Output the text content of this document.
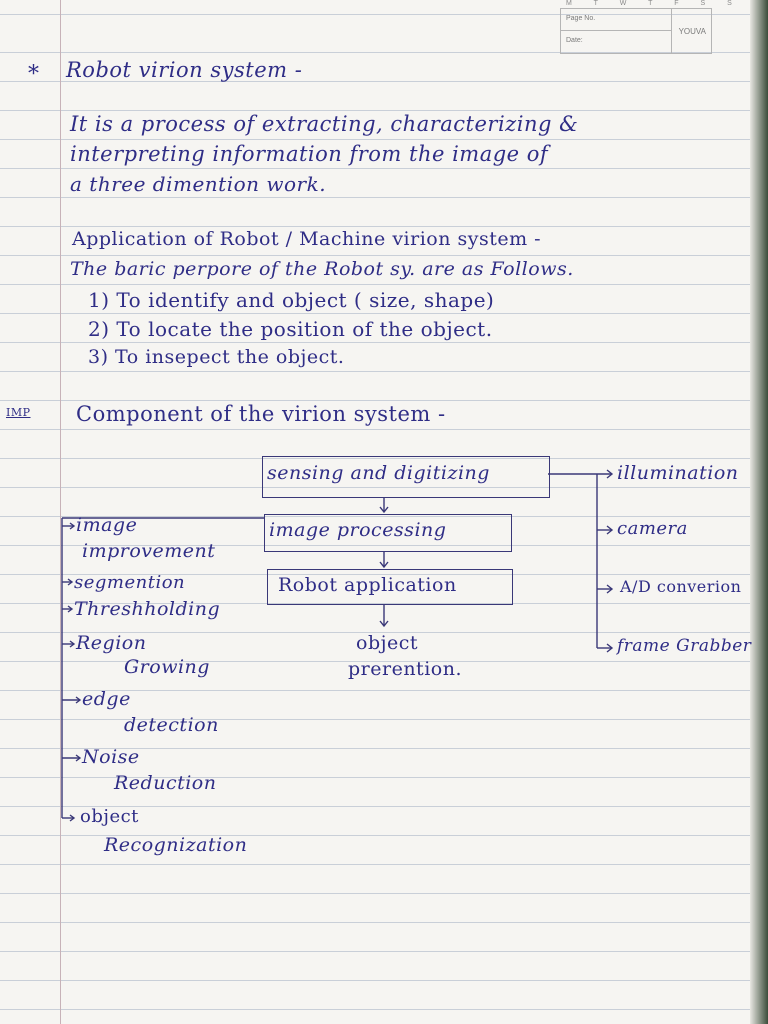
M T W T F S S
Page No.
Date:
YOUVA
* Robot virion system -
It is a process of extracting, characterizing &
interpreting information from the image of
a three dimention work.
Application of Robot / Machine virion system -
The baric perpore of the Robot sy. are as Follows.
1) To identify and object ( size, shape)
2) To locate the position of the object.
3) To insepect the object.
IMP Component of the virion system -
sensing and digitizing
image processing
Robot application
object
prerention.
illumination
camera
A/D converion
frame Grabber
image
improvement
segmention
Threshholding
Region
Growing
edge
detection
Noise
Reduction
object
Recognization
